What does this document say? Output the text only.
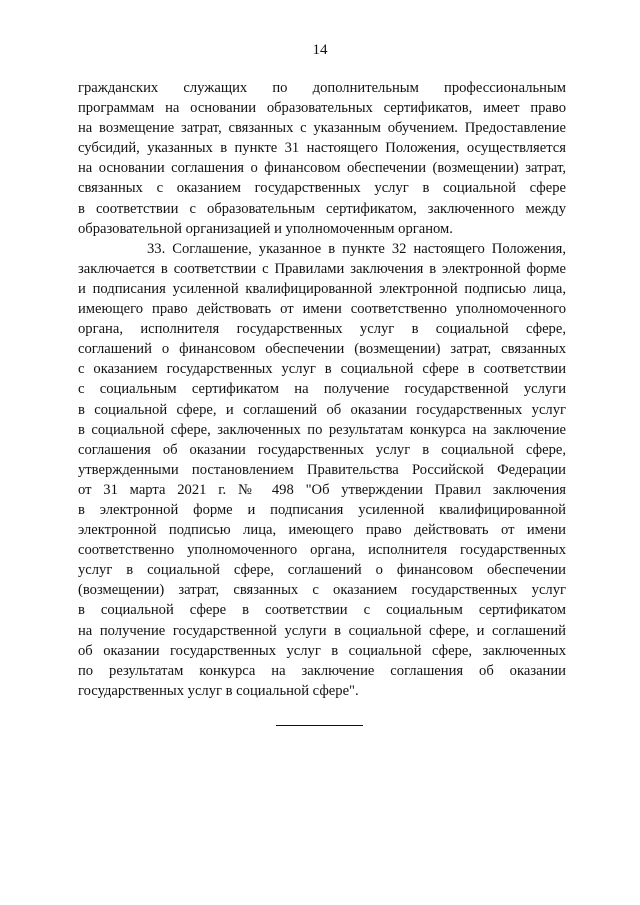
14
гражданских служащих по дополнительным профессиональным
программам на основании образовательных сертификатов, имеет право
на возмещение затрат, связанных с указанным обучением. Предоставление
субсидий, указанных в пункте 31 настоящего Положения, осуществляется
на основании соглашения о финансовом обеспечении (возмещении) затрат,
связанных с оказанием государственных услуг в социальной сфере
в соответствии с образовательным сертификатом, заключенного между
образовательной организацией и уполномоченным органом.
33. Соглашение, указанное в пункте 32 настоящего Положения,
заключается в соответствии с Правилами заключения в электронной форме
и подписания усиленной квалифицированной электронной подписью лица,
имеющего право действовать от имени соответственно уполномоченного
органа, исполнителя государственных услуг в социальной сфере,
соглашений о финансовом обеспечении (возмещении) затрат, связанных
с оказанием государственных услуг в социальной сфере в соответствии
с социальным сертификатом на получение государственной услуги
в социальной сфере, и соглашений об оказании государственных услуг
в социальной сфере, заключенных по результатам конкурса на заключение
соглашения об оказании государственных услуг в социальной сфере,
утвержденными постановлением Правительства Российской Федерации
от 31 марта 2021 г. № 498 "Об утверждении Правил заключения
в электронной форме и подписания усиленной квалифицированной
электронной подписью лица, имеющего право действовать от имени
соответственно уполномоченного органа, исполнителя государственных
услуг в социальной сфере, соглашений о финансовом обеспечении
(возмещении) затрат, связанных с оказанием государственных услуг
в социальной сфере в соответствии с социальным сертификатом
на получение государственной услуги в социальной сфере, и соглашений
об оказании государственных услуг в социальной сфере, заключенных
по результатам конкурса на заключение соглашения об оказании
государственных услуг в социальной сфере".
